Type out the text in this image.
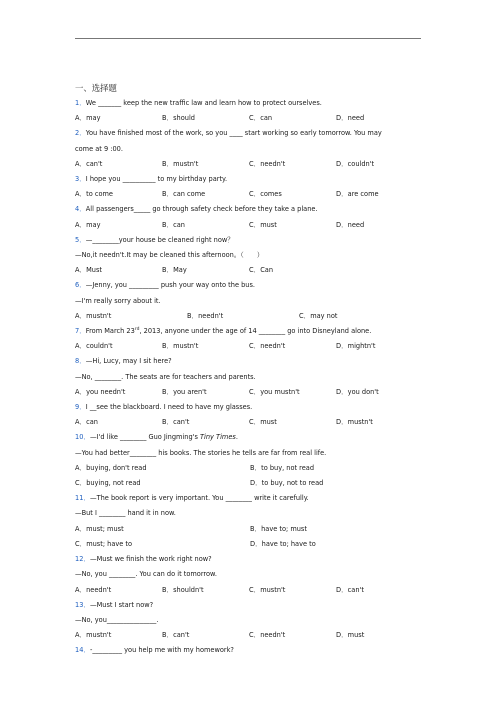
一、选择题
1．We _______ keep the new traffic law and learn how to protect ourselves.
A．may	B．should	C．can	D．need
2．You have finished most of the work, so you ____ start working so early tomorrow. You may
come at 9 :00.
A．can't	B．mustn't	C．needn't	D．couldn't
3．I hope you __________ to my birthday party.
A．to come	B．can come	C．comes	D．are come
4．All passengers_____ go through safety check before they take a plane.
A．may	B．can	C．must	D．need
5．—________your house be cleaned right now？
—No,it needn't.It may be cleaned this afternoon。（　　）
A．Must	B．May	C．Can
6．—Jenny, you _________ push your way onto the bus.
—I'm really sorry about it.
A．mustn't	B．needn't	C．may not
7．From March 23rd, 2013, anyone under the age of 14 ________ go into Disneyland alone.
A．couldn't	B．mustn't	C．needn't	D．mightn't
8．—Hi, Lucy, may I sit here?
—No, ________. The seats are for teachers and parents.
A．you needn't	B．you aren't	C．you mustn't	D．you don't
9．I __see the blackboard. I need to have my glasses.
A．can	B．can't	C．must	D．mustn't
10．—I'd like ________ Guo Jingming's Tiny Times.
—You had better________ his books. The stories he tells are far from real life.
A．buying, don't read	B．to buy, not read
C．buying, not read	D．to buy, not to read
11．—The book report is very important. You ________ write it carefully.
—But I ________ hand it in now.
A．must; must	B．have to; must
C．must; have to	D．have to; have to
12．—Must we finish the work right now?
—No, you ________. You can do it tomorrow.
A．needn't	B．shouldn't	C．mustn't	D．can't
13．—Must I start now?
—No, you_______________.
A．mustn't	B．can't	C．needn't	D．must
14．-_________ you help me with my homework?
